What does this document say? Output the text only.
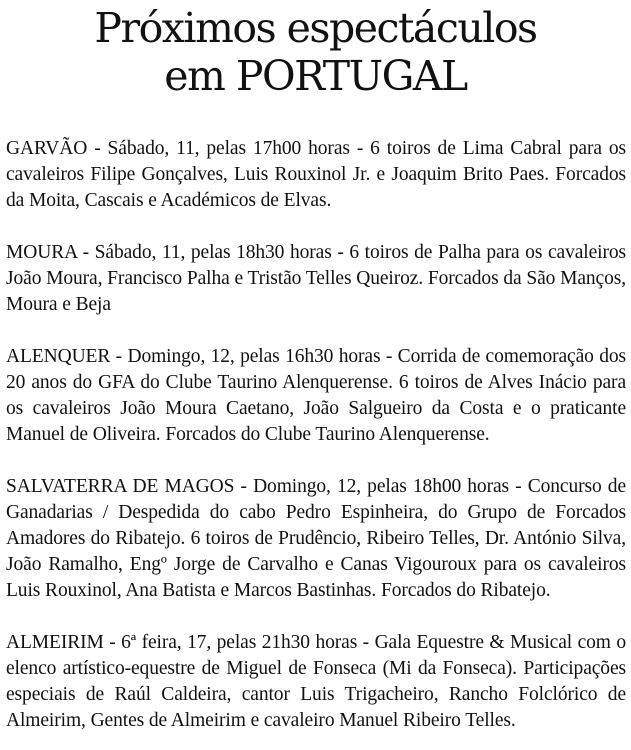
Próximos espectáculos
em PORTUGAL

GARVÃO - Sábado, 11, pelas 17h00 horas - 6 toiros de Lima Cabral para os cavaleiros Filipe Gonçalves, Luis Rouxinol Jr. e Joaquim Brito Paes. Forcados da Moita, Cascais e Académicos de Elvas.

MOURA - Sábado, 11, pelas 18h30 horas - 6 toiros de Palha para os cavaleiros João Moura, Francisco Palha e Tristão Telles Queiroz. Forcados da São Manços, Moura e Beja

ALENQUER - Domingo, 12, pelas 16h30 horas - Corrida de comemoração dos 20 anos do GFA do Clube Taurino Alenquerense. 6 toiros de Alves Inácio para os cavaleiros João Moura Caetano, João Salgueiro da Costa e o praticante Manuel de Oliveira. Forcados do Clube Taurino Alenquerense.

SALVATERRA DE MAGOS - Domingo, 12, pelas 18h00 horas - Concurso de Ganadarias / Despedida do cabo Pedro Espinheira, do Grupo de Forcados Amadores do Ribatejo. 6 toiros de Prudêncio, Ribeiro Telles, Dr. António Silva, João Ramalho, Engº Jorge de Carvalho e Canas Vigouroux para os cavaleiros Luis Rouxinol, Ana Batista e Marcos Bastinhas. Forcados do Ribatejo.

ALMEIRIM - 6ª feira, 17, pelas 21h30 horas - Gala Equestre & Musical com o elenco artístico-equestre de Miguel de Fonseca (Mi da Fonseca). Participações especiais de Raúl Caldeira, cantor Luis Trigacheiro, Rancho Folclórico de Almeirim, Gentes de Almeirim e cavaleiro Manuel Ribeiro Telles.
